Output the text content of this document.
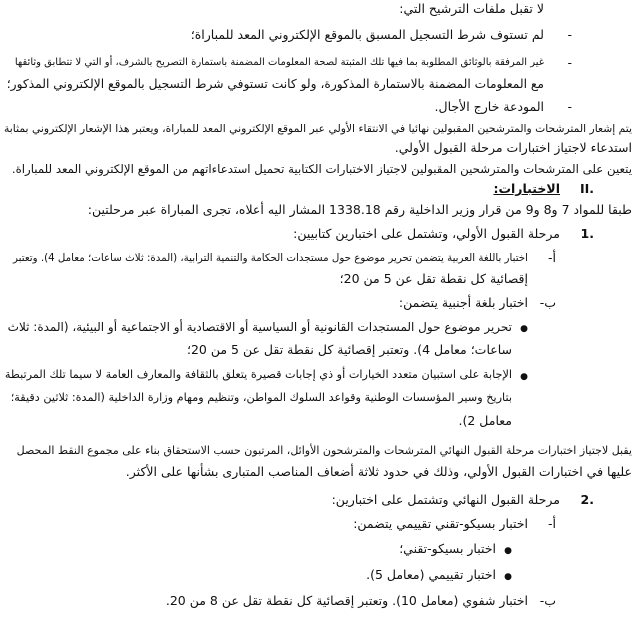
لا تقبل ملفات الترشيح التي:
-
لم تستوف شرط التسجيل المسبق بالموقع الإلكتروني المعد للمباراة؛
-
غير المرفقة بالوثائق المطلوبة بما فيها تلك المثبتة لصحة المعلومات المضمنة باستمارة التصريح بالشرف، أو التي لا تتطابق وثائقها
مع المعلومات المضمنة بالاستمارة المذكورة، ولو كانت تستوفي شرط التسجيل بالموقع الإلكتروني المذكور؛
-
المودعة خارج الأجال.
يتم إشعار المترشحات والمترشحين المقبولين نهائيا في الانتقاء الأولي عبر الموقع الإلكتروني المعد للمباراة، ويعتبر هذا الإشعار الإلكتروني بمثابة
استدعاء لاجتياز اختبارات مرحلة القبول الأولي.
يتعين على المترشحات والمترشحين المقبولين لاجتياز الاختبارات الكتابية تحميل استدعاءاتهم من الموقع الإلكتروني المعد للمباراة.
II.
الاختبارات:
طبقا للمواد 7 و8 و9 من قرار وزير الداخلية رقم 1338.18 المشار اليه أعلاه، تجرى المباراة عبر مرحلتين:
1.
مرحلة القبول الأولي، وتشتمل على اختبارين كتابيين:
أ-
اختبار باللغة العربية يتضمن تحرير موضوع حول مستجدات الحكامة والتنمية الترابية، (المدة: ثلاث ساعات؛ معامل 4). وتعتبر
إقصائية كل نقطة تقل عن 5 من 20؛
ب-
اختبار بلغة أجنبية يتضمن:
●
تحرير موضوع حول المستجدات القانونية أو السياسية أو الاقتصادية أو الاجتماعية أو البيئية، (المدة: ثلاث
ساعات؛ معامل 4). وتعتبر إقصائية كل نقطة تقل عن 5 من 20؛
●
الإجابة على استبيان متعدد الخيارات أو ذي إجابات قصيرة يتعلق بالثقافة والمعارف العامة لا سيما تلك المرتبطة
بتاريخ وسير المؤسسات الوطنية وقواعد السلوك المواطن، وتنظيم ومهام وزارة الداخلية (المدة: ثلاثين دقيقة؛
معامل 2).
يقبل لاجتياز اختبارات مرحلة القبول النهائي المترشحات والمترشحون الأوائل، المرتبون حسب الاستحقاق بناء على مجموع النقط المحصل
عليها في اختبارات القبول الأولي، وذلك في حدود ثلاثة أضعاف المناصب المتبارى بشأنها على الأكثر.
2.
مرحلة القبول النهائي وتشتمل على اختبارين:
أ-
اختبار بسيكو-تقني تقييمي يتضمن:
●
اختبار بسيكو-تقني؛
●
اختبار تقييمي (معامل 5).
ب-
اختبار شفوي (معامل 10). وتعتبر إقصائية كل نقطة تقل عن 8 من 20.
